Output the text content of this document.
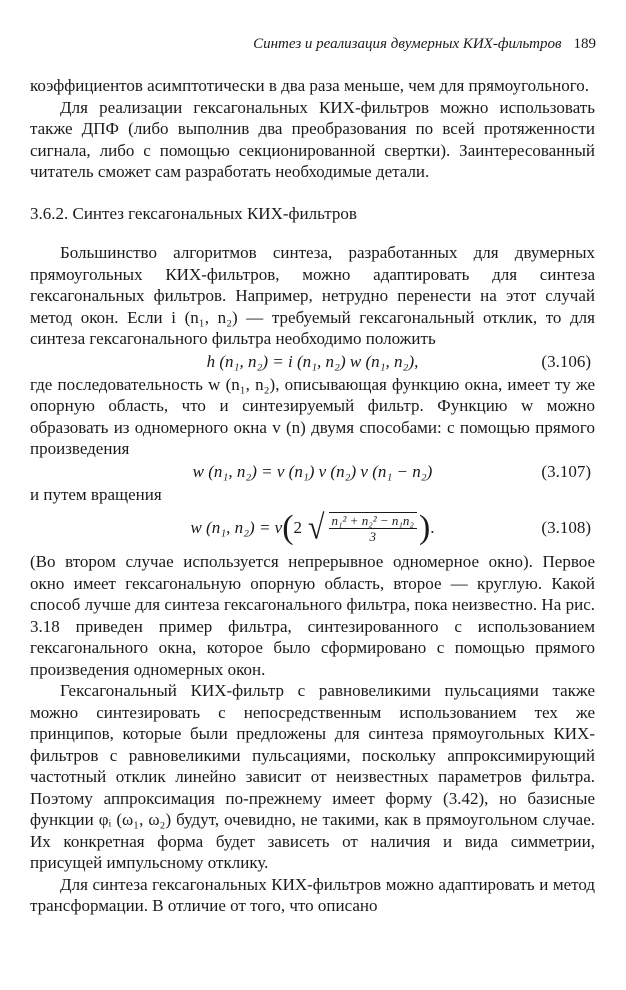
Синтез и реализация двумерных КИХ-фильтров 189

коэффициентов асимптотически в два раза меньше, чем для прямоугольного.

Для реализации гексагональных КИХ-фильтров можно использовать также ДПФ (либо выполнив два преобразования по всей протяженности сигнала, либо с помощью секционированной свертки). Заинтересованный читатель сможет сам разработать необходимые детали.

3.6.2. Синтез гексагональных КИХ-фильтров

Большинство алгоритмов синтеза, разработанных для двумерных прямоугольных КИХ-фильтров, можно адаптировать для синтеза гексагональных фильтров. Например, нетрудно перенести на этот случай метод окон. Если i (n₁, n₂) — требуемый гексагональный отклик, то для синтеза гексагонального фильтра необходимо положить

h (n₁, n₂) = i (n₁, n₂) w (n₁, n₂),	(3.106)

где последовательность w (n₁, n₂), описывающая функцию окна, имеет ту же опорную область, что и синтезируемый фильтр. Функцию w можно образовать из одномерного окна v (n) двумя способами: с помощью прямого произведения

w (n₁, n₂) = v (n₁) v (n₂) v (n₁ − n₂)	(3.107)

и путем вращения

w (n₁, n₂) = v ( 2 √ $\frac{\text{n₁² + n₂² − n₁n₂}}{3}$ ) .	(3.108)

(Во втором случае используется непрерывное одномерное окно). Первое окно имеет гексагональную опорную область, второе — круглую. Какой способ лучше для синтеза гексагонального фильтра, пока неизвестно. На рис. 3.18 приведен пример фильтра, синтезированного с использованием гексагонального окна, которое было сформировано с помощью прямого произведения одномерных окон.

Гексагональный КИХ-фильтр с равновеликими пульсациями также можно синтезировать с непосредственным использованием тех же принципов, которые были предложены для синтеза прямоугольных КИХ-фильтров с равновеликими пульсациями, поскольку аппроксимирующий частотный отклик линейно зависит от неизвестных параметров фильтра. Поэтому аппроксимация по-прежнему имеет форму (3.42), но базисные функции φᵢ (ω₁, ω₂) будут, очевидно, не такими, как в прямоугольном случае. Их конкретная форма будет зависеть от наличия и вида симметрии, присущей импульсному отклику.

Для синтеза гексагональных КИХ-фильтров можно адаптировать и метод трансформации. В отличие от того, что описано
